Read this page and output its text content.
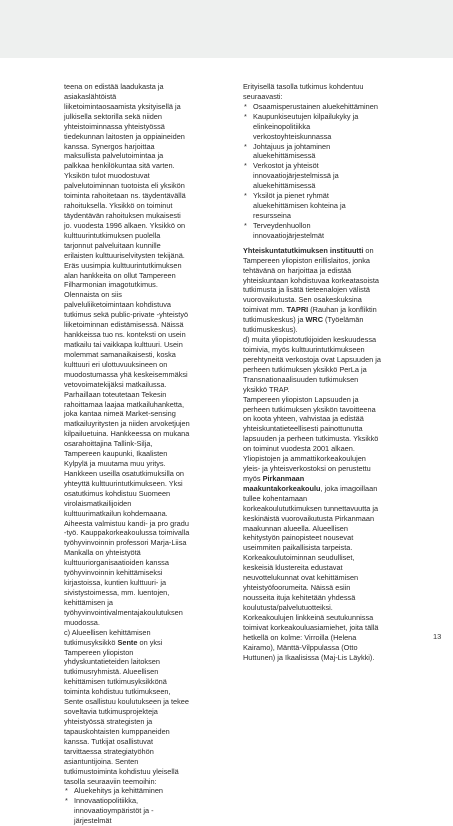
teena on edistää laadukasta ja asiakaslähtöistä liiketoimintaosaamista yksityisellä ja julkisella sektorilla sekä niiden yhteistoiminnassa yhteistyössä tiedekunnan laitosten ja oppiaineiden kanssa. Synergos harjoittaa maksullista palvelutoimintaa ja palkkaa henkilökuntaa sitä varten. Yksikön tulot muodostuvat palvelutoiminnan tuotoista eli yksikön toiminta rahoitetaan ns. täydentävällä rahoituksella. Yksikkö on toiminut täydentävän rahoituksen mukaisesti jo. vuodesta 1996 alkaen. Yksikkö on kulttuurintutkimuksen puolella tarjonnut palveluitaan kunnille erilaisten kulttuuriselvitysten tekijänä. Eräs uusimpia kulttuurintutkimuksen alan hankkeita on ollut Tampereen Filharmonian imagotutkimus. Olennaista on siis palveluliiketoimintaan kohdistuva tutkimus sekä public-private -yhteistyö liiketoiminnan edistämisessä. Näissä hankkeissa tuo ns. konteksti on usein matkailu tai vaikkapa kulttuuri. Usein molemmat samanaikaisesti, koska kulttuuri eri ulottuvuuksineen on muodostumassa yhä keskeisemmäksi vetovoimatekijäksi matkailussa. Parhaillaan toteutetaan Tekesin rahoittamaa laajaa matkailuhanketta, joka kantaa nimeä Market-sensing matkailuyritysten ja niiden arvoketjujen kilpailuetuina. Hankkeessa on mukana osarahoittajina Tallink-Silja, Tampereen kaupunki, Ikaalisten Kylpylä ja muutama muu yritys. Hankkeen useilla osatutkimuksilla on yhteyttä kulttuurintutkimukseen. Yksi osatutkimus kohdistuu Suomeen virolaismatkailijoiden kulttuurimatkailun kohdemaana. Aiheesta valmistuu kandi- ja pro gradu -työ. Kauppakorkeakoulussa toimivalla työhyvinvoinnin professori Marja-Liisa Mankalla on yhteistyötä kulttuuriorganisaatioiden kanssa työhyvinvoinnin kehittämiseksi kirjastoissa, kuntien kulttuuri- ja sivistystoimessa, mm. luentojen, kehittämisen ja työhyvinvointivalmentajakoulutuksen muodossa.

c) Alueellisen kehittämisen tutkimusyksikkö Sente on yksi Tampereen yliopiston yhdyskuntatieteiden laitoksen tutkimusryhmistä. Alueellisen kehittämisen tutkimusyksikkönä toiminta kohdistuu tutkimukseen, Sente osallistuu koulutukseen ja tekee soveltavia tutkimusprojekteja yhteistyössä strategisten ja tapauskohtaisten kumppaneiden kanssa. Tutkijat osallistuvat tarvittaessa strategiatyöhön asiantuntijoina. Senten tutkimustoiminta kohdistuu yleisellä tasolla seuraaviin teemoihin:

* Aluekehitys ja kehittäminen
* Innovaatiopolitiikka, innovaatioympäristöt ja -järjestelmät

Erityisellä tasolla tutkimus kohdentuu seuraavasti:

* Osaamisperustainen aluekehittäminen
* Kaupunkiseutujen kilpailukyky ja elinkeinopolitiikka verkostoyhteiskunnassa
* Johtajuus ja johtaminen aluekehittämisessä
* Verkostot ja yhteisöt innovaatiojärjestelmissä ja aluekehittämisessä
* Yksilöt ja pienet ryhmät aluekehittämisen kohteina ja resursseina
* Terveydenhuollon innovaatiojärjestelmät

Yhteiskuntatutkimuksen instituutti on Tampereen yliopiston erillislaitos, jonka tehtävänä on harjoittaa ja edistää yhteiskuntaan kohdistuvaa korkeatasoista tutkimusta ja lisätä tieteenalojen välistä vuorovaikutusta. Sen osakeskuksina toimivat mm. TAPRI (Rauhan ja konfliktin tutkimuskeskus) ja WRC (Työelämän tutkimuskeskus).

d) muita yliopistotutkijoiden keskuudessa toimivia, myös kulttuurintutkimukseen perehtyneitä verkostoja ovat Lapsuuden ja perheen tutkimuksen yksikkö PerLa ja Transnationaalisuuden tutkimuksen yksikkö TRAP.

Tampereen yliopiston Lapsuuden ja perheen tutkimuksen yksikön tavoitteena on koota yhteen, vahvistaa ja edistää yhteiskuntatieteellisesti painottunutta lapsuuden ja perheen tutkimusta. Yksikkö on toiminut vuodesta 2001 alkaen.

Yliopistojen ja ammattikorkeakoulujen yleis- ja yhteisverkostoksi on perustettu myös Pirkanmaan maakuntakorkeakoulu, joka imagoillaan tullee kohentamaan korkeakoulututkimuksen tunnettavuutta ja keskinäistä vuorovaikutusta Pirkanmaan maakunnan alueella. Alueellisen kehitystyön painopisteet nousevat useimmiten paikallisista tarpeista. Korkeakoulutoiminnan seudulliset, keskeisiä klustereita edustavat neuvottelukunnat ovat kehittämisen yhteistyöfoorumeita. Näissä esiin nousseita ituja kehitetään yhdessä koulutusta/palvelutuotteiksi. Korkeakoulujen linkkeinä seutukunnissa toimivat korkeakouluasiamiehet, joita tällä hetkellä on kolme: Virroilla (Helena Kairamo), Mänttä-Vilppulassa (Otto Huttunen) ja Ikaalisissa (Maj-Lis Läykki).

13
